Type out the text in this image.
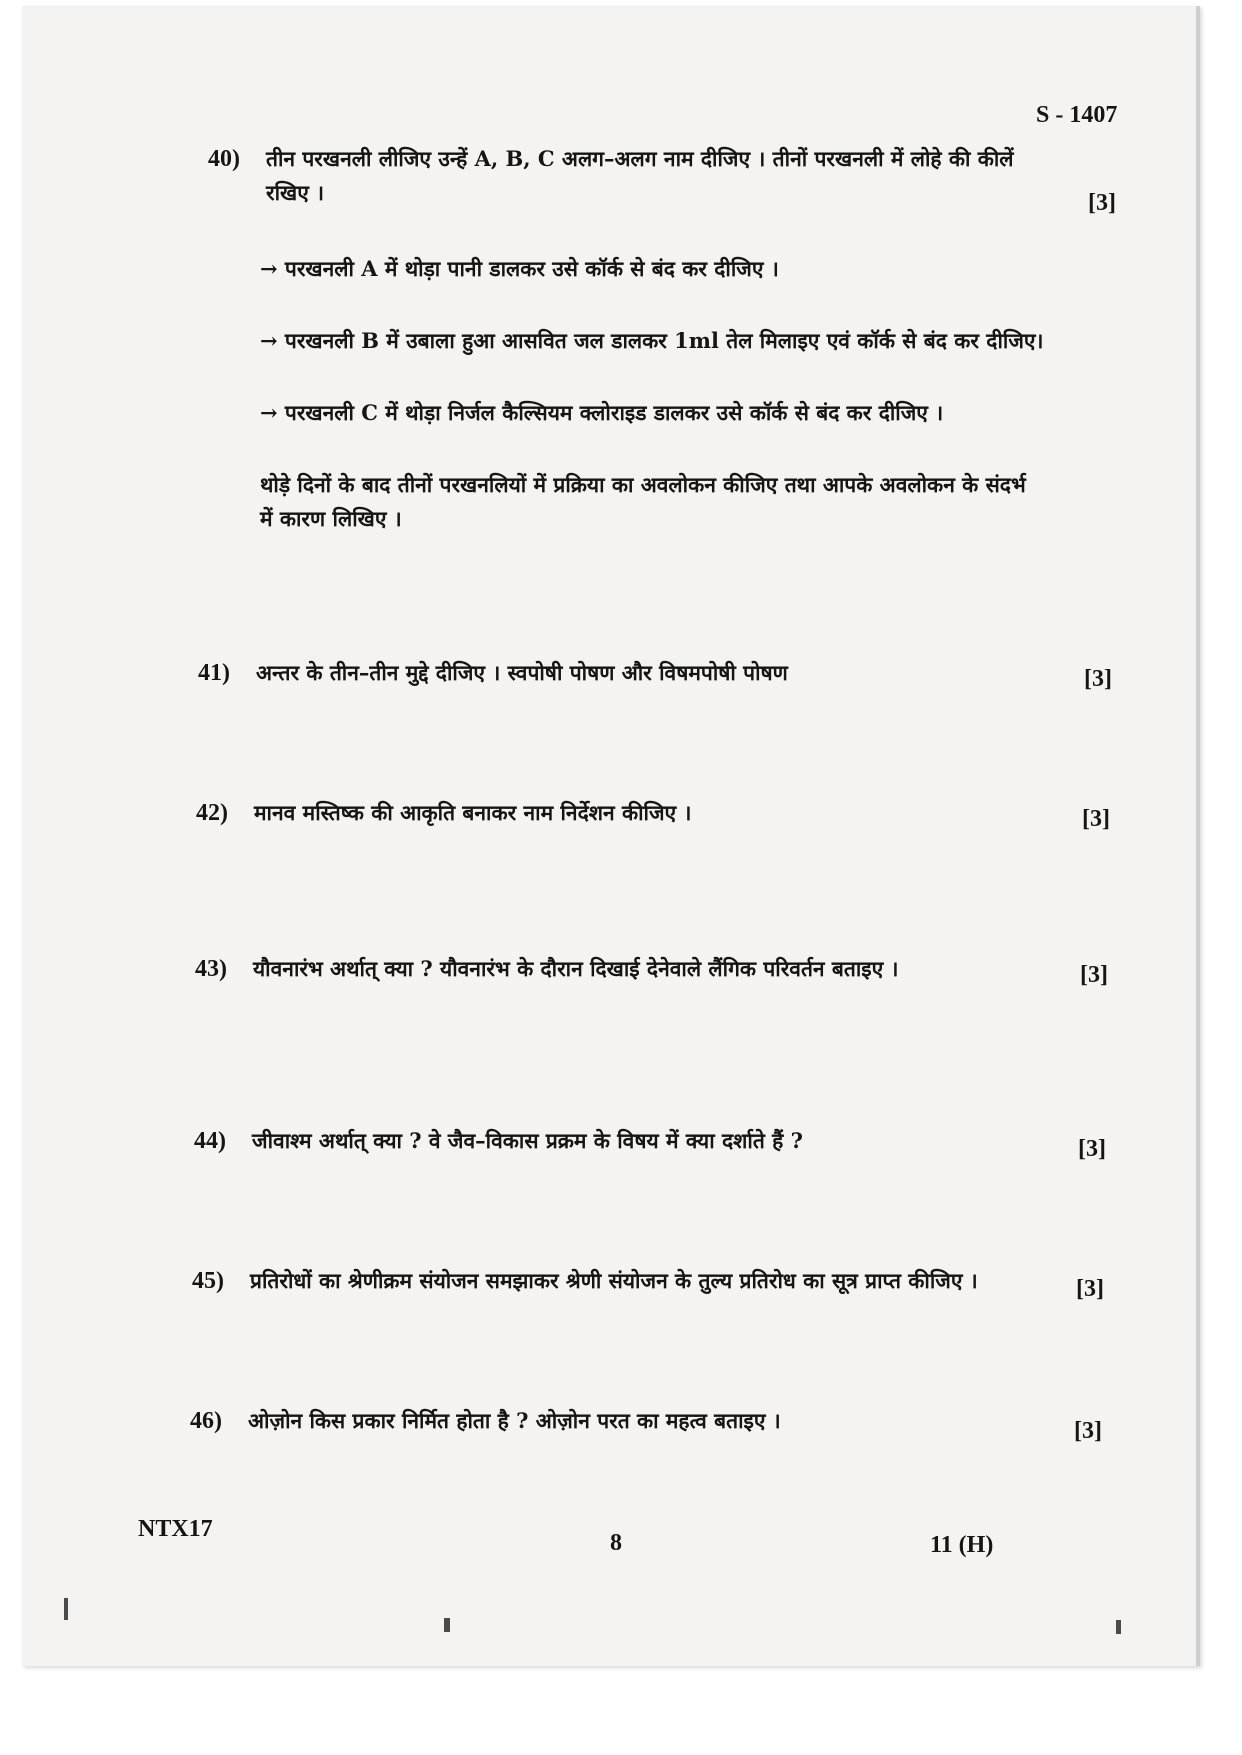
S - 1407
40) तीन परखनली लीजिए उन्हें A, B, C अलग–अलग नाम दीजिए । तीनों परखनली में लोहे की कीलें
रखिए ।
→ परखनली A में थोड़ा पानी डालकर उसे कॉर्क से बंद कर दीजिए ।
→ परखनली B में उबाला हुआ आसवित जल डालकर 1ml तेल मिलाइए एवं कॉर्क से बंद कर दीजिए।
→ परखनली C में थोड़ा निर्जल कैल्सियम क्लोराइड डालकर उसे कॉर्क से बंद कर दीजिए ।
थोड़े दिनों के बाद तीनों परखनलियों में प्रक्रिया का अवलोकन कीजिए तथा आपके अवलोकन के संदर्भ
में कारण लिखिए ।
[3]
41) अन्तर के तीन–तीन मुद्दे दीजिए । स्वपोषी पोषण और विषमपोषी पोषण	[3]
42) मानव मस्तिष्क की आकृति बनाकर नाम निर्देशन कीजिए ।	[3]
43) यौवनारंभ अर्थात् क्या ? यौवनारंभ के दौरान दिखाई देनेवाले लैंगिक परिवर्तन बताइए ।	[3]
44) जीवाश्म अर्थात् क्या ? वे जैव–विकास प्रक्रम के विषय में क्या दर्शाते हैं ?	[3]
45) प्रतिरोधों का श्रेणीक्रम संयोजन समझाकर श्रेणी संयोजन के तुल्य प्रतिरोध का सूत्र प्राप्त कीजिए ।	[3]
46) ओज़ोन किस प्रकार निर्मित होता है ? ओज़ोन परत का महत्व बताइए ।	[3]
NTX17
8	11 (H)
